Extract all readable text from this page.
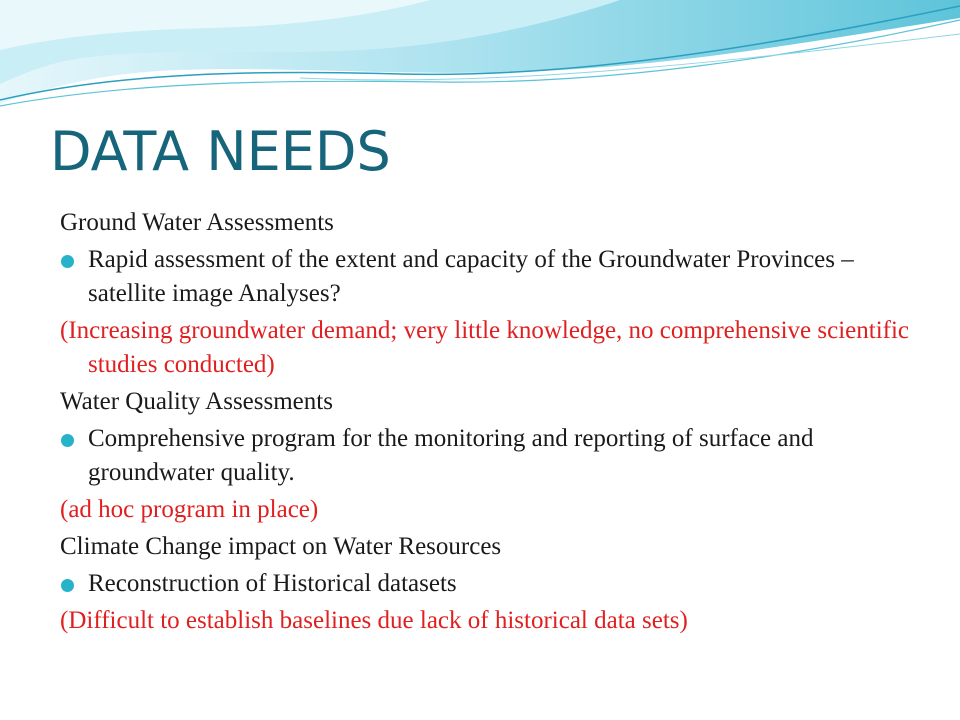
DATA NEEDS
Ground Water Assessments
Rapid assessment of the extent and capacity of the Groundwater Provinces – satellite image Analyses?
(Increasing groundwater demand; very little knowledge, no comprehensive scientific studies conducted)
Water Quality Assessments
Comprehensive program for the monitoring and reporting of surface and groundwater quality.
(ad hoc program in place)
Climate Change impact on Water Resources
Reconstruction of Historical datasets
(Difficult to establish baselines due lack of historical data sets)
